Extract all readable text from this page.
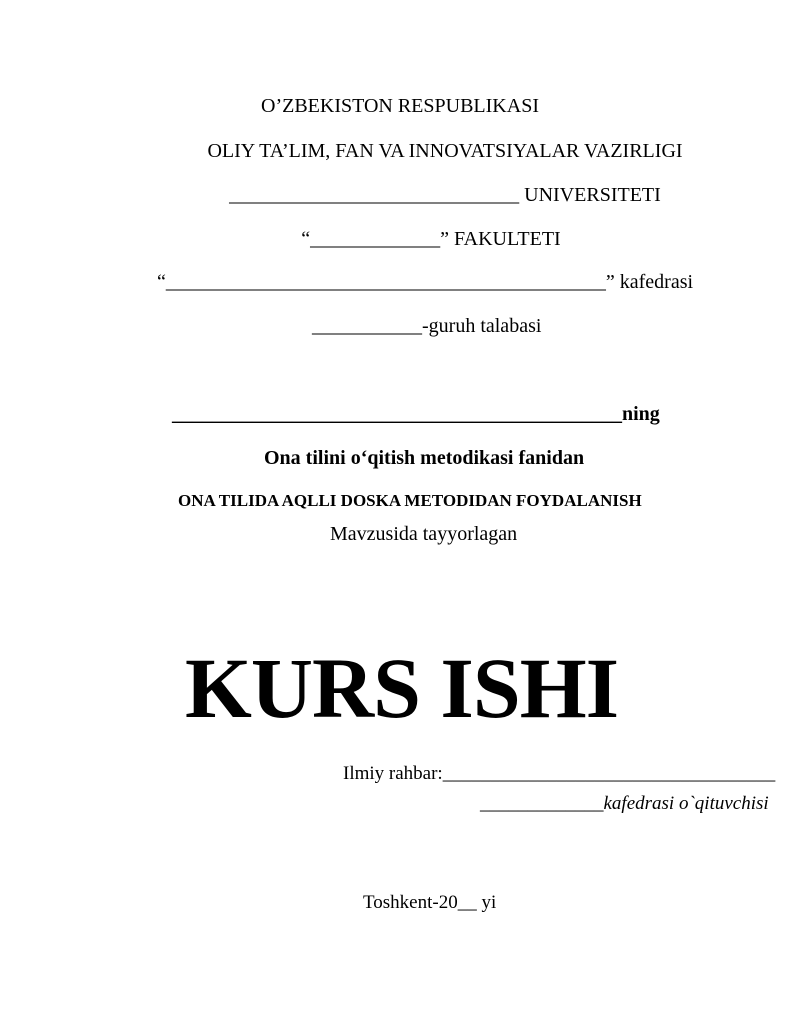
O’ZBEKISTON RESPUBLIKASI
OLIY TA’LIM, FAN VA INNOVATSIYALAR VAZIRLIGI
_____________________________ UNIVERSITETI
“_____________” FAKULTETI
“____________________________________________” kafedrasi
___________-guruh talabasi
_____________________________________________ning
Ona tilini o‘qitish metodikasi fanidan
ONA TILIDA AQLLI DOSKA METODIDAN FOYDALANISH
Mavzusida tayyorlagan
KURS ISHI
Ilmiy rahbar:___________________________________
_____________kafedrasi o`qituvchisi
Toshkent-20__ yi
